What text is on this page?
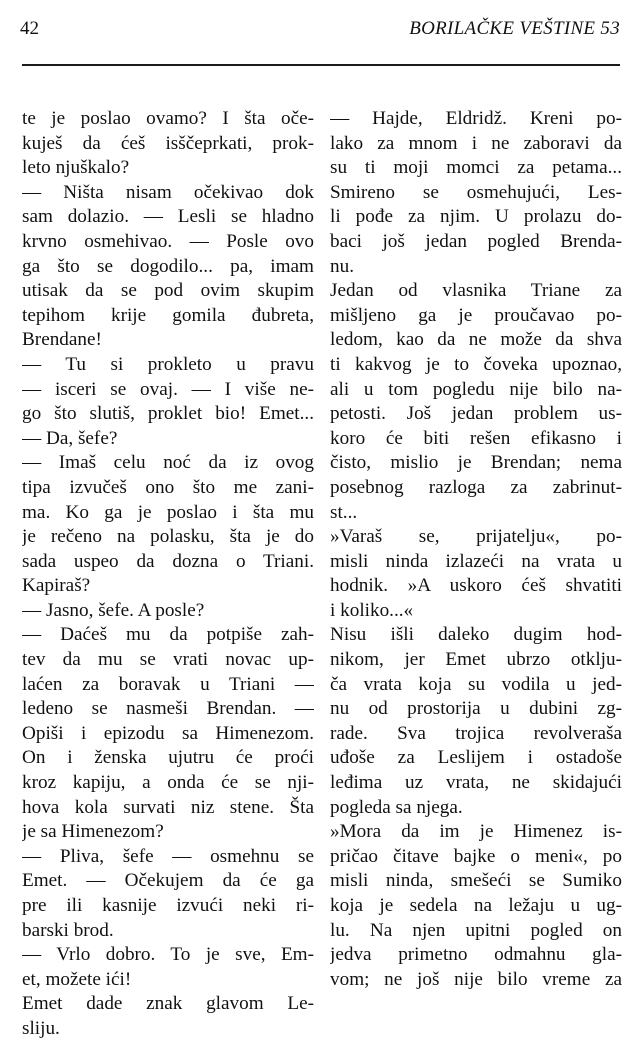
42	BORILAČKE VEŠTINE 53
te je poslao ovamo? I šta oče-
kuješ da ćeš isščeprkati, prok-
leto njuškalo?
— Ništa nisam očekivao dok
sam dolazio. — Lesli se hladno
krvno osmehivao. — Posle ovo
ga što se dogodilo... pa, imam
utisak da se pod ovim skupim
tepihom krije gomila đubreta,
Brendane!
— Tu si prokleto u pravu
— isceri se ovaj. — I više ne-
go što slutiš, proklet bio! Emet...
— Da, šefe?
— Imaš celu noć da iz ovog
tipa izvučeš ono što me zani-
ma. Ko ga je poslao i šta mu
je rečeno na polasku, šta je do
sada uspeo da dozna o Triani.
Kapiraš?
— Jasno, šefe. A posle?
— Daćeš mu da potpiše zah-
tev da mu se vrati novac up-
laćen za boravak u Triani —
ledeno se nasmeši Brendan. —
Opiši i epizodu sa Himenezom.
On i ženska ujutru će proći
kroz kapiju, a onda će se nji-
hova kola survati niz stene. Šta
je sa Himenezom?
— Pliva, šefe — osmehnu se
Emet. — Očekujem da će ga
pre ili kasnije izvući neki ri-
barski brod.
— Vrlo dobro. To je sve, Em-
et, možete ići!
Emet dade znak glavom Le-
sliju.
— Hajde, Eldridž. Kreni po-
lako za mnom i ne zaboravi da
su ti moji momci za petama...
Smireno se osmehujući, Les-
li pođe za njim. U prolazu do-
baci još jedan pogled Brenda-
nu.
Jedan od vlasnika Triane za
mišljeno ga je proučavao po-
ledom, kao da ne može da shva
ti kakvog je to čoveka upoznao,
ali u tom pogledu nije bilo na-
petosti. Još jedan problem us-
koro će biti rešen efikasno i
čisto, mislio je Brendan; nema
posebnog razloga za zabrinut-
st...
»Varaš se, prijatelju«, po-
misli ninda izlazeći na vrata u
hodnik. »A uskoro ćeš shvatiti
i koliko...«
Nisu išli daleko dugim hod-
nikom, jer Emet ubrzo otklju-
ča vrata koja su vodila u jed-
nu od prostorija u dubini zg-
rade. Sva trojica revolveraša
uđoše za Leslijem i ostadoše
leđima uz vrata, ne skidajući
pogleda sa njega.
»Mora da im je Himenez is-
pričao čitave bajke o meni«, po
misli ninda, smešeći se Sumiko
koja je sedela na ležaju u ug-
lu. Na njen upitni pogled on
jedva primetno odmahnu gla-
vom; ne još nije bilo vreme za
